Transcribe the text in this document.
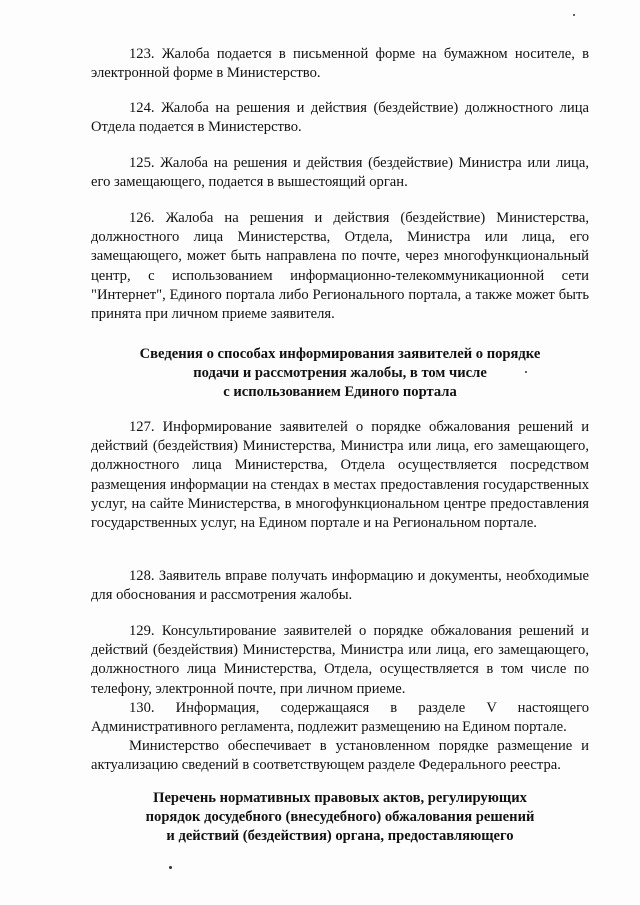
123. Жалоба подается в письменной форме на бумажном носителе, в электронной форме в Министерство.

124. Жалоба на решения и действия (бездействие) должностного лица Отдела подается в Министерство.

125. Жалоба на решения и действия (бездействие) Министра или лица, его замещающего, подается в вышестоящий орган.

126. Жалоба на решения и действия (бездействие) Министерства, должностного лица Министерства, Отдела, Министра или лица, его замещающего, может быть направлена по почте, через многофункциональный центр, с использованием информационно-телекоммуникационной сети "Интернет", Единого портала либо Регионального портала, а также может быть принята при личном приеме заявителя.

Сведения о способах информирования заявителей о порядке
подачи и рассмотрения жалобы, в том числе
с использованием Единого портала

127. Информирование заявителей о порядке обжалования решений и действий (бездействия) Министерства, Министра или лица, его замещающего, должностного лица Министерства, Отдела осуществляется посредством размещения информации на стендах в местах предоставления государственных услуг, на сайте Министерства, в многофункциональном центре предоставления государственных услуг, на Едином портале и на Региональном портале.

128. Заявитель вправе получать информацию и документы, необходимые для обоснования и рассмотрения жалобы.

129. Консультирование заявителей о порядке обжалования решений и действий (бездействия) Министерства, Министра или лица, его замещающего, должностного лица Министерства, Отдела, осуществляется в том числе по телефону, электронной почте, при личном приеме.

130. Информация, содержащаяся в разделе V настоящего Административного регламента, подлежит размещению на Едином портале.

Министерство обеспечивает в установленном порядке размещение и актуализацию сведений в соответствующем разделе Федерального реестра.

Перечень нормативных правовых актов, регулирующих
порядок досудебного (внесудебного) обжалования решений
и действий (бездействия) органа, предоставляющего
